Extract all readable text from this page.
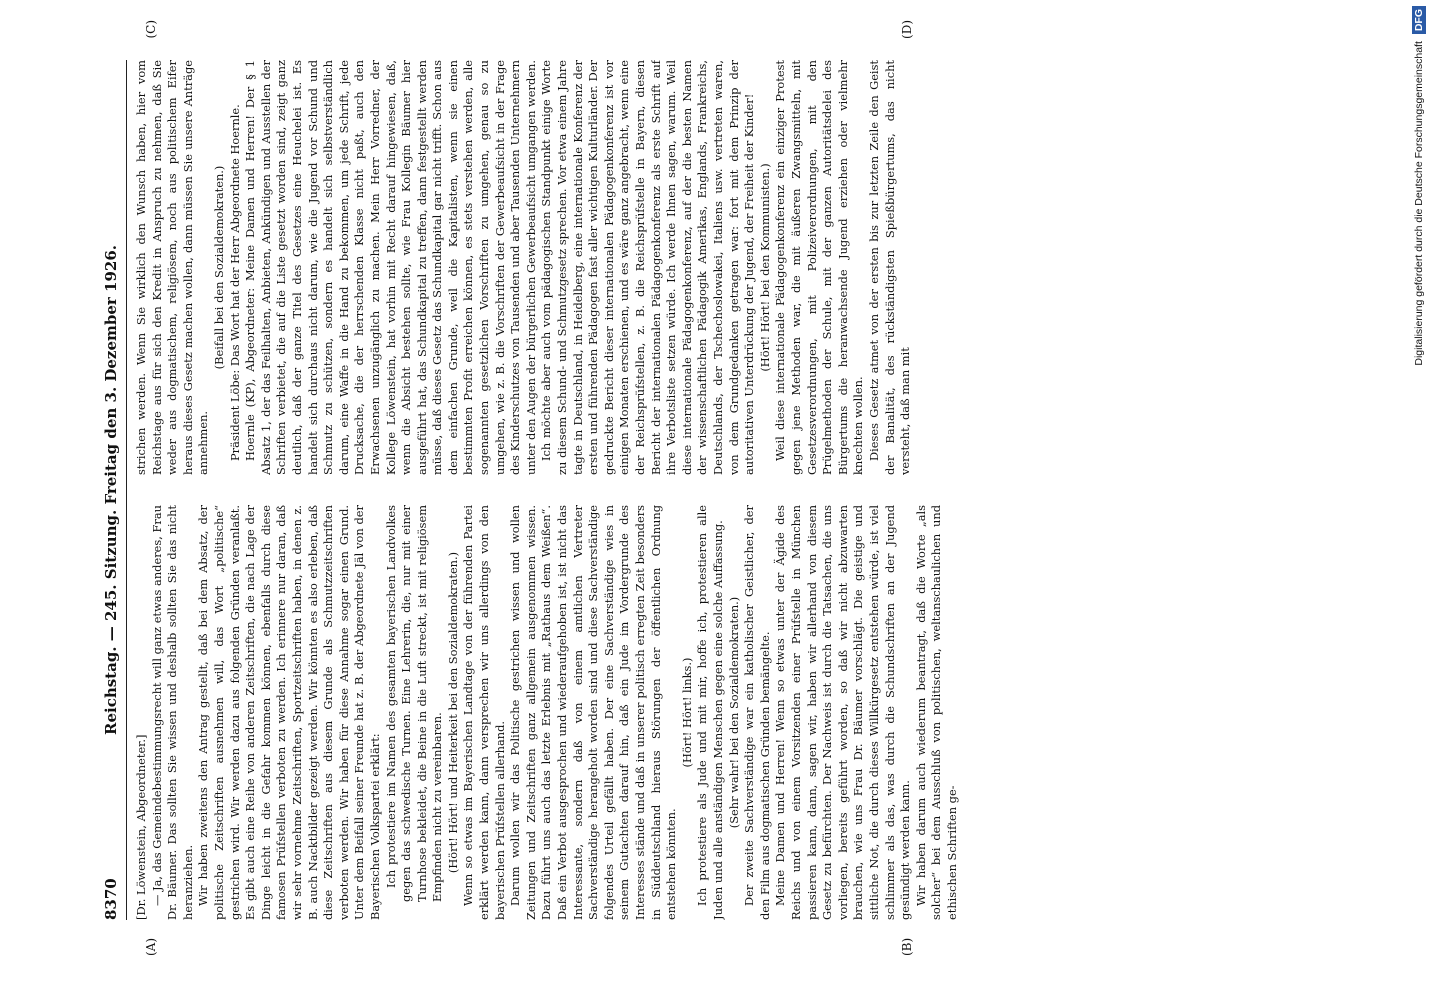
8370
Reichstag. — 245. Sitzung. Freitag den 3. Dezember 1926.
(A)	(B)
(C)	(D)

[Dr. Löwenstein, Abgeordneter.] — Ja, das Gemeindebestimmungsrecht will ganz etwas anderes, Frau Dr. Bäumer. Das sollten Sie wissen und deshalb sollten Sie das nicht heranziehen. Wir haben zweitens den Antrag gestellt, daß bei dem Absatz, der politische Zeitschriften ausnehmen will, das Wort „politische“ gestrichen wird. Wir werden dazu aus folgenden Gründen veranlaßt. Es gibt auch eine Reihe von anderen Zeitschriften, die nach Lage der Dinge leicht in die Gefahr kommen können, ebenfalls durch diese famosen Prüfstellen verboten zu werden. Ich erinnere nur daran, daß wir sehr vornehme Zeitschriften, Sportzeitschriften haben, in denen z. B. auch Nacktbilder gezeigt werden. Wir könnten es also erleben, daß diese Zeitschriften aus diesem Grunde als Schmutzzeitschriften verboten werden. Wir haben für diese Annahme sogar einen Grund. Unter dem Beifall seiner Freunde hat z. B. der Abgeordnete Jäl von der Bayerischen Volkspartei erklärt: Ich protestiere im Namen des gesamten bayerischen Landvolkes gegen das schwedische Turnen. Eine Lehrerin, die, nur mit einer Turnhose bekleidet, die Beine in die Luft streckt, ist mit religiösem Empfinden nicht zu vereinbaren. (Hört! Hört! und Heiterkeit bei den Sozialdemokraten.) Wenn so etwas im Bayerischen Landtage von der führenden Partei erklärt werden kann, dann versprechen wir uns allerdings von den bayerischen Prüfstellen allerhand. Darum wollen wir das Politische gestrichen wissen und wollen Zeitungen und Zeitschriften ganz allgemein ausgenommen wissen. Dazu führt uns auch das letzte Erlebnis mit „Rathaus dem Weißen“. Daß ein Verbot ausgesprochen und wiederaufgehoben ist, ist nicht das Interessante, sondern daß von einem amtlichen Vertreter Sachverständige herangeholt worden sind und diese Sachverständige folgendes Urteil gefällt haben. Der eine Sachverständige wies in seinem Gutachten darauf hin, daß ein Jude im Vordergrunde des Interesses stände und daß in unserer politisch erregten Zeit besonders in Süddeutschland hieraus Störungen der öffentlichen Ordnung entstehen könnten.

(Hört! Hört! links.) Ich protestiere als Jude und mit mir, hoffe ich, protestieren alle Juden und alle anständigen Menschen gegen eine solche Auffassung. (Sehr wahr! bei den Sozialdemokraten.) Der zweite Sachverständige war ein katholischer Geistlicher, der den Film aus dogmatischen Gründen bemängelte. Meine Damen und Herren! Wenn so etwas unter der Ägide des Reichs und von einem Vorsitzenden einer Prüfstelle in München passieren kann, dann, sagen wir, haben wir allerhand von diesem Gesetz zu befürchten. Der Nachweis ist durch die Tatsachen, die uns vorliegen, bereits geführt worden, so daß wir nicht abzuwarten brauchen, wie uns Frau Dr. Bäumer vorschlägt. Die geistige und sittliche Not, die durch dieses Willkürgesetz entstehen würde, ist viel schlimmer als das, was durch die Schundschriften an der Jugend gesündigt werden kann. Wir haben darum auch wiederum beantragt, daß die Worte „als solcher“ bei dem Ausschluß von politischen, weltanschaulichen und ethischen Schriften ge-

strichen werden. Wenn Sie wirklich den Wunsch haben, hier vom Reichstage aus für sich den Kredit in Anspruch zu nehmen, daß Sie weder aus dogmatischem, religiösem, noch aus politischem Eifer heraus dieses Gesetz machen wollen, dann müssen Sie unsere Anträge annehmen.

(Beifall bei den Sozialdemokraten.) Präsident Löbe: Das Wort hat der Herr Abgeordnete Hoernle. Hoernle (KP), Abgeordneter: Meine Damen und Herren! Der § 1 Absatz 1, der das Feilhalten, Anbieten, Ankündigen und Ausstellen der Schriften verbietet, die auf die Liste gesetzt worden sind, zeigt ganz deutlich, daß der ganze Titel des Gesetzes eine Heuchelei ist. Es handelt sich durchaus nicht darum, wie die Jugend vor Schund und Schmutz zu schützen, sondern es handelt sich selbstverständlich darum, eine Waffe in die Hand zu bekommen, um jede Schrift, jede Drucksache, die der herrschenden Klasse nicht paßt, auch den Erwachsenen unzugänglich zu machen. Mein Herr Vorredner, der Kollege Löwenstein, hat vorhin mit Recht darauf hingewiesen, daß, wenn die Absicht bestehen sollte, wie Frau Kollegin Bäumer hier ausgeführt hat, das Schundkapital zu treffen, dann festgestellt werden müsse, daß dieses Gesetz das Schundkapital gar nicht trifft. Schon aus dem einfachen Grunde, weil die Kapitalisten, wenn sie einen bestimmten Profit erreichen können, es stets verstehen werden, alle sogenannten gesetzlichen Vorschriften zu umgehen, genau so zu umgehen, wie z. B. die Vorschriften der Gewerbeaufsicht in der Frage des Kinderschutzes von Tausenden und aber Tausenden Unternehmern unter den Augen der bürgerlichen Gewerbeaufsicht umgangen werden. Ich möchte aber auch vom pädagogischen Standpunkt einige Worte zu diesem Schund- und Schmutzgesetz sprechen. Vor etwa einem Jahre tagte in Deutschland, in Heidelberg, eine internationale Konferenz der ersten und führenden Pädagogen fast aller wichtigen Kulturländer. Der gedruckte Bericht dieser internationalen Pädagogenkonferenz ist vor einigen Monaten erschienen, und es wäre ganz angebracht, wenn eine der Reichsprüfstellen, z. B. die Reichsprüfstelle in Bayern, diesen Bericht der internationalen Pädagogenkonferenz als erste Schrift auf ihre Verbotsliste setzen würde. Ich werde Ihnen sagen, warum. Weil diese internationale Pädagogenkonferenz, auf der die besten Namen der wissenschaftlichen Pädagogik Amerikas, Englands, Frankreichs, Deutschlands, der Tschechoslowakei, Italiens usw. vertreten waren, von dem Grundgedanken getragen war: fort mit dem Prinzip der autoritativen Unterdrückung der Jugend, der Freiheit der Kinder! (Hört! Hört! bei den Kommunisten.) Weil diese internationale Pädagogenkonferenz ein einziger Protest gegen jene Methoden war, die mit äußeren Zwangsmitteln, mit Gesetzesverordnungen, mit Polizeiverordnungen, mit den Prügelmethoden der Schule, mit der ganzen Autoritätsdelei des Bürgertums die heranwachsende Jugend erziehen oder vielmehr knechten wollen. Dieses Gesetz atmet von der ersten bis zur letzten Zeile den Geist der Banalität, des rückständigsten Spießbürgertums, das nicht versteht, daß man mit

Digitalisierung gefördert durch die Deutsche Forschungsgemeinschaft DFG
